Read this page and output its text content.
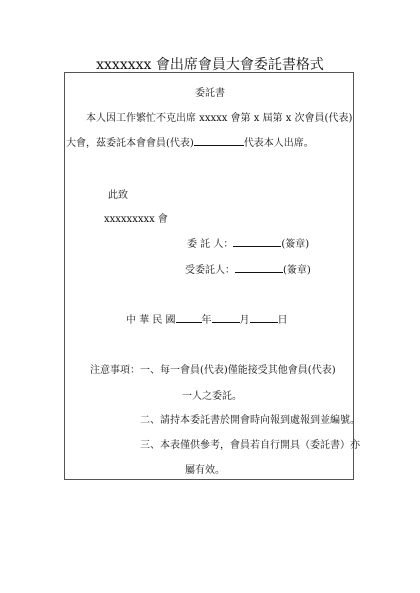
xxxxxxx 會出席會員大會委託書格式
委託書
本人因工作繁忙不克出席 xxxxx 會第 x 屆第 x 次會員(代表)
大會，茲委託本會會員(代表)	代表本人出席。
此致
xxxxxxxxx 會
委 託 人：	(簽章)
受委託人：	(簽章)
中 華 民 國	年	月	日
注意事項： 一、每一會員(代表)僅能接受其他會員(代表)
一人之委託。
二、請持本委託書於開會時向報到處報到並編號。
三、本表僅供參考，會員若自行開具（委託書）亦
屬有效。
